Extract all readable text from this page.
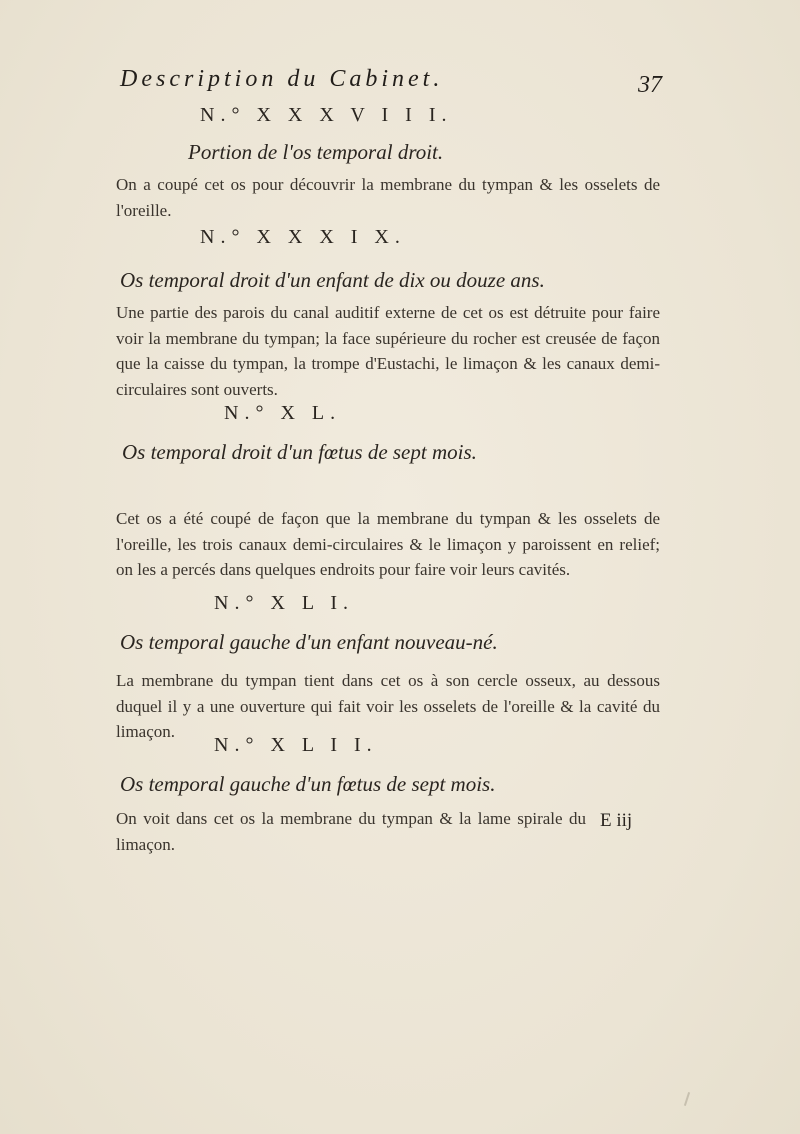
Description du Cabinet.	37
N.° X X X V I I I.
Portion de l'os temporal droit.
On a coupé cet os pour découvrir la membrane du tympan & les osselets de l'oreille.
N.° X X X I X.
Os temporal droit d'un enfant de dix ou douze ans.
Une partie des parois du canal auditif externe de cet os est détruite pour faire voir la membrane du tympan; la face supérieure du rocher est creusée de façon que la caisse du tympan, la trompe d'Eustachi, le limaçon & les canaux demi-circulaires sont ouverts.
N.° X L.
Os temporal droit d'un fœtus de sept mois.
Cet os a été coupé de façon que la membrane du tympan & les osselets de l'oreille, les trois canaux demi-circulaires & le limaçon y paroissent en relief; on les a percés dans quelques endroits pour faire voir leurs cavités.
N.° X L I.
Os temporal gauche d'un enfant nouveau-né.
La membrane du tympan tient dans cet os à son cercle osseux, au dessous duquel il y a une ouverture qui fait voir les osselets de l'oreille & la cavité du limaçon.
N.° X L I I.
Os temporal gauche d'un fœtus de sept mois.
On voit dans cet os la membrane du tympan & la lame spirale du limaçon.
E iij
